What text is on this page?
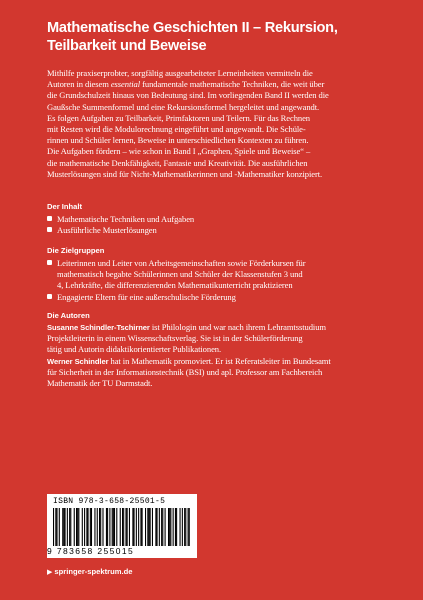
Mathematische Geschichten II – Rekursion,
Teilbarkeit und Beweise
Mithilfe praxiserprobter, sorgfältig ausgearbeiteter Lerneinheiten vermitteln die
Autoren in diesem essential fundamentale mathematische Techniken, die weit über
die Grundschulzeit hinaus von Bedeutung sind. Im vorliegenden Band II werden die
Gaußsche Summenformel und eine Rekursionsformel hergeleitet und angewandt.
Es folgen Aufgaben zu Teilbarkeit, Primfaktoren und Teilern. Für das Rechnen
mit Resten wird die Modulorechnung eingeführt und angewandt. Die Schüle-
rinnen und Schüler lernen, Beweise in unterschiedlichen Kontexten zu führen.
Die Aufgaben fördern – wie schon in Band I „Graphen, Spiele und Beweise“ –
die mathematische Denkfähigkeit, Fantasie und Kreativität. Die ausführlichen
Musterlösungen sind für Nicht-Mathematikerinnen und -Mathematiker konzipiert.
Der Inhalt
Mathematische Techniken und Aufgaben
Ausführliche Musterlösungen
Die Zielgruppen
Leiterinnen und Leiter von Arbeitsgemeinschaften sowie Förderkursen für
mathematisch begabte Schülerinnen und Schüler der Klassenstufen 3 und
4, Lehrkräfte, die differenzierenden Mathematikunterricht praktizieren
Engagierte Eltern für eine außerschulische Förderung
Die Autoren
Susanne Schindler-Tschirner ist Philologin und war nach ihrem Lehramtsstudium
Projektleiterin in einem Wissenschaftsverlag. Sie ist in der Schülerförderung
tätig und Autorin didaktikorientierter Publikationen.
Werner Schindler hat in Mathematik promoviert. Er ist Referatsleiter im Bundesamt
für Sicherheit in der Informationstechnik (BSI) und apl. Professor am Fachbereich
Mathematik der TU Darmstadt.
ISBN 978-3-658-25501-5
9 783658 255015
▶ springer-spektrum.de
